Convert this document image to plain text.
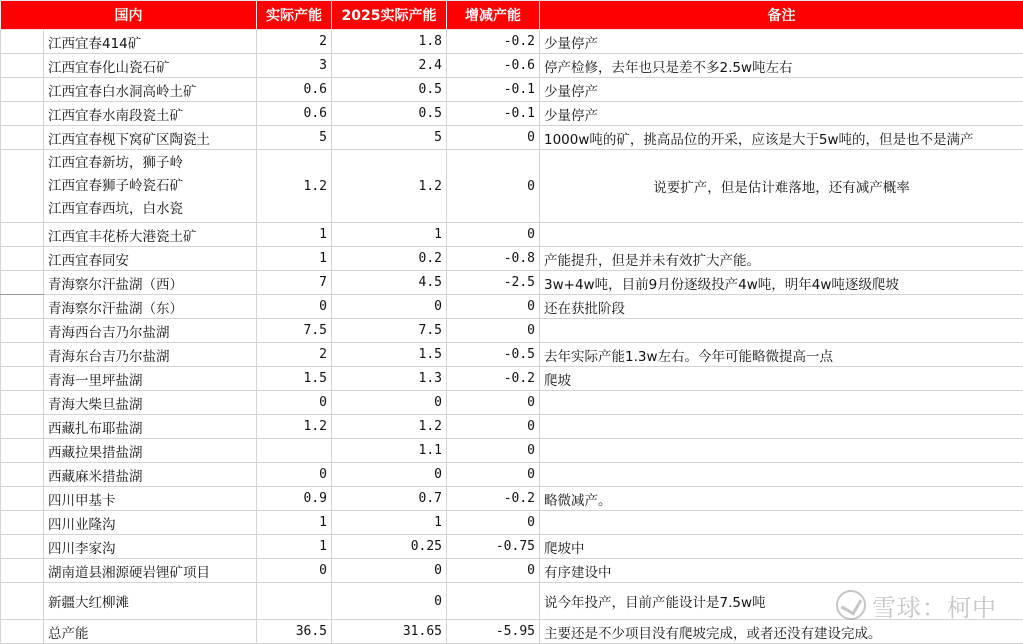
国内		实际产能	2025实际产能	增减产能	备注
	江西宜春414矿	2	1.8	-0.2	少量停产
	江西宜春化山瓷石矿	3	2.4	-0.6	停产检修，去年也只是差不多2.5w吨左右
	江西宜春白水洞高岭土矿	0.6	0.5	-0.1	少量停产
	江西宜春水南段瓷土矿	0.6	0.5	-0.1	少量停产
	江西宜春枧下窝矿区陶瓷土	5	5	0	1000w吨的矿，挑高品位的开采，应该是大于5w吨的，但是也不是满产

	江西宜春新坊，狮子岭
江西宜春狮子岭瓷石矿
江西宜春西坑，白水瓷	1.2	1.2	0	说要扩产，但是估计难落地，还有减产概率
	江西宜丰花桥大港瓷土矿	1	1	0	
	江西宜春同安	1	0.2	-0.8	产能提升，但是并未有效扩大产能。
	青海察尔汗盐湖（西）	7	4.5	-2.5	3w+4w吨，目前9月份逐级投产4w吨，明年4w吨逐级爬坡
	青海察尔汗盐湖（东）	0	0	0	还在获批阶段
	青海西台吉乃尔盐湖	7.5	7.5	0	
	青海东台吉乃尔盐湖	2	1.5	-0.5	去年实际产能1.3w左右。今年可能略微提高一点
	青海一里坪盐湖	1.5	1.3	-0.2	爬坡
	青海大柴旦盐湖	0	0	0	
	西藏扎布耶盐湖	1.2	1.2	0	
	西藏拉果措盐湖		1.1	0	
	西藏麻米措盐湖	0	0	0	
	四川甲基卡	0.9	0.7	-0.2	略微减产。
	四川业隆沟	1	1	0	
	四川李家沟	1	0.25	-0.75	爬坡中
	湖南道县湘源硬岩锂矿项目	0	0	0	有序建设中
	新疆大红柳滩		0		说今年投产，目前产能设计是7.5w吨
	总产能	36.5	31.65	-5.95	主要还是不少项目没有爬坡完成，或者还没有建设完成。
雪球：柯中
